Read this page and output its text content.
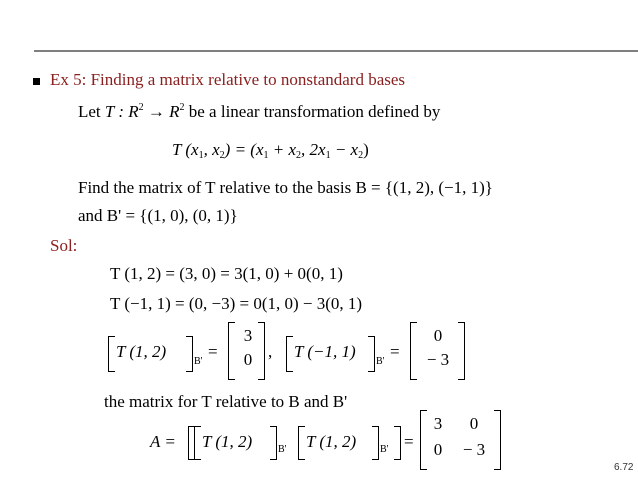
Ex 5: Finding a matrix relative to nonstandard bases
Let T : $R^2 \to R^2$ be a linear transformation defined by
T ($x_1$, $x_2) = (x_1 + x_2$, $2x_1 - x_2$)
Find the matrix of T relative to the basis B = {(1, 2), (−1, 1)}
and B' = {(1, 0), (0, 1)}
Sol:
T (1, 2) = (3, 0) = 3(1, 0) + 0(0, 1)
T (−1, 1) = (0, −3) = 0(1, 0) − 3(0, 1)
T (1, 2)
B'
=
3
0 , T (−1, 1)
B'
=
0
− 3
the matrix for T relative to B and B'
A = T (1, 2)	B' T (1, 2) B' =
3	0
0	− 3
6.72
